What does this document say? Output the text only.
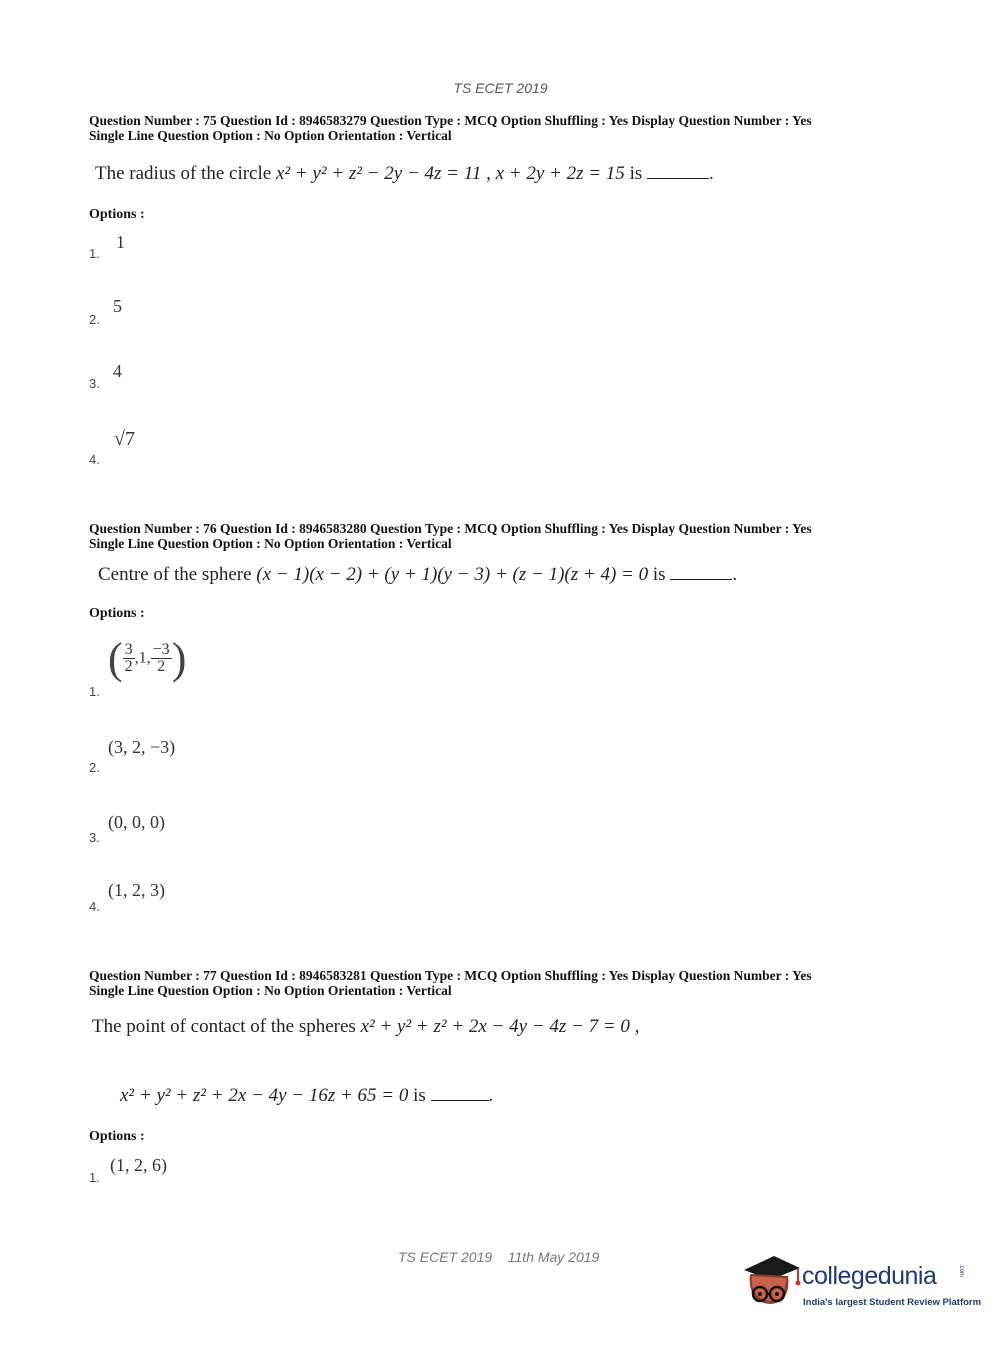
TS ECET 2019
Question Number : 75 Question Id : 8946583279 Question Type : MCQ Option Shuffling : Yes Display Question Number : Yes
Single Line Question Option : No Option Orientation : Vertical
The radius of the circle x² + y² + z² − 2y − 4z = 11 , x + 2y + 2z = 15 is	.
Options :
1.
1
2.
5
3.
4
4.
√7
Question Number : 76 Question Id : 8946583280 Question Type : MCQ Option Shuffling : Yes Display Question Number : Yes
Single Line Question Option : No Option Orientation : Vertical
Centre of the sphere (x − 1)(x − 2) + (y + 1)(y − 3) + (z − 1)(z + 4) = 0 is	.
Options :
1.
( $\frac{3}{2} ,1$, $\frac{-3}{2}$ )
2.
(3, 2, −3)
3.
(0, 0, 0)
4.
(1, 2, 3)
Question Number : 77 Question Id : 8946583281 Question Type : MCQ Option Shuffling : Yes Display Question Number : Yes
Single Line Question Option : No Option Orientation : Vertical
The point of contact of the spheres x² + y² + z² + 2x − 4y − 4z − 7 = 0 ,
x² + y² + z² + 2x − 4y − 16z + 65 = 0 is	.
Options :
1.
(1, 2, 6)
TS ECET 2019 11th May 2019
collegedunia	.com
India's largest Student Review Platform
